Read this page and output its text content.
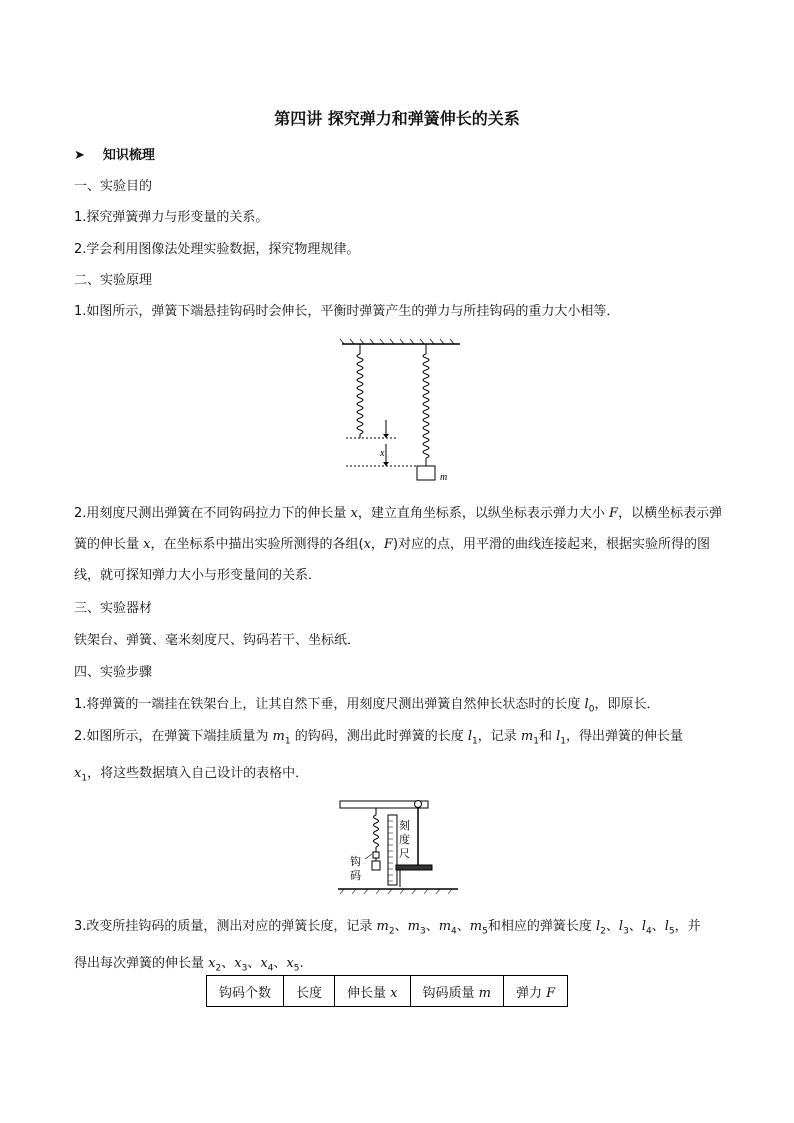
第四讲 探究弹力和弹簧伸长的关系
➤ 知识梳理
一、实验目的
1.探究弹簧弹力与形变量的关系。
2.学会利用图像法处理实验数据，探究物理规律。
二、实验原理
1.如图所示，弹簧下端悬挂钩码时会伸长，平衡时弹簧产生的弹力与所挂钩码的重力大小相等．
x
m
2.用刻度尺测出弹簧在不同钩码拉力下的伸长量 x，建立直角坐标系，以纵坐标表示弹力大小 F，以横坐标表示弹簧的伸长量 x，在坐标系中描出实验所测得的各组(x，F)对应的点，用平滑的曲线连接起来，根据实验所得的图线，就可探知弹力大小与形变量间的关系．
三、实验器材
铁架台、弹簧、毫米刻度尺、钩码若干、坐标纸．
四、实验步骤
1.将弹簧的一端挂在铁架台上，让其自然下垂，用刻度尺测出弹簧自然伸长状态时的长度 $l_0$，即原长．
2.如图所示，在弹簧下端挂质量为 $m_1$ 的钩码，测出此时弹簧的长度 $l_1$，记录 $m_1$和 $l_1$，得出弹簧的伸长量
$x_1$，将这些数据填入自己设计的表格中．
钩
码
刻
度
尺
3.改变所挂钩码的质量，测出对应的弹簧长度，记录 $m_2$、$m_3$、$m_4$、$m_5$和相应的弹簧长度 $l_2$、$l_3$、$l_4$、$l_5$，并
得出每次弹簧的伸长量 $x_2$、$x_3$、$x_4$、$x_5$.
钩码个数	长度	伸长量 x	钩码质量 m	弹力 F
